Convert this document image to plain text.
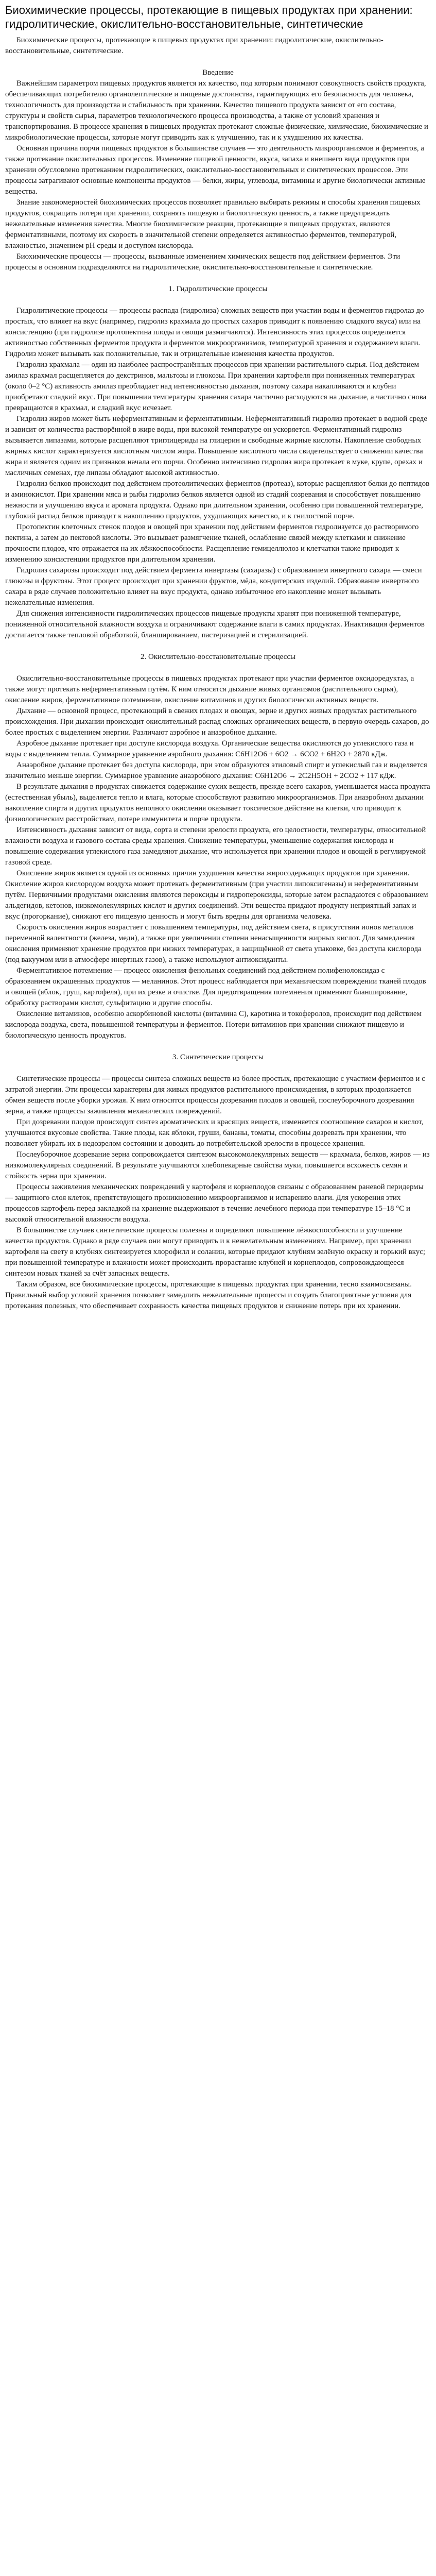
Биохимические процессы, протекающие в пищевых продуктах при хранении: гидролитические, окислительно-восстановительные, синтетические

Биохимические процессы, протекающие в пищевых продуктах при хранении: гидролитические, окислительно-восстановительные, синтетические.

Введение

Важнейшим параметром пищевых продуктов является их качество, под которым понимают совокупность свойств продукта, обеспечивающих потребителю органолептические и пищевые достоинства, гарантирующих его безопасность для человека, технологичность для производства и стабильность при хранении. Качество пищевого продукта зависит от его состава, структуры и свойств сырья, параметров технологического процесса производства, а также от условий хранения и транспортирования. В процессе хранения в пищевых продуктах протекают сложные физические, химические, биохимические и микробиологические процессы, которые могут приводить как к улучшению, так и к ухудшению их качества.

Основная причина порчи пищевых продуктов в большинстве случаев — это деятельность микроорганизмов и ферментов, а также протекание окислительных процессов. Изменение пищевой ценности, вкуса, запаха и внешнего вида продуктов при хранении обусловлено протеканием гидролитических, окислительно-восстановительных и синтетических процессов. Эти процессы затрагивают основные компоненты продуктов — белки, жиры, углеводы, витамины и другие биологически активные вещества.

Знание закономерностей биохимических процессов позволяет правильно выбирать режимы и способы хранения пищевых продуктов, сокращать потери при хранении, сохранять пищевую и биологическую ценность, а также предупреждать нежелательные изменения качества. Многие биохимические реакции, протекающие в пищевых продуктах, являются ферментативными, поэтому их скорость в значительной степени определяется активностью ферментов, температурой, влажностью, значением pH среды и доступом кислорода.

Биохимические процессы — процессы, вызванные изменением химических веществ под действием ферментов. Эти процессы в основном подразделяются на гидролитические, окислительно-восстановительные и синтетические.

1. Гидролитические процессы

Гидролитические процессы — процессы распада (гидролиза) сложных веществ при участии воды и ферментов гидролаз до простых, что влияет на вкус (например, гидролиз крахмала до простых сахаров приводит к появлению сладкого вкуса) или на консистенцию (при гидролизе протопектина плоды и овощи размягчаются). Интенсивность этих процессов определяется активностью собственных ферментов продукта и ферментов микроорганизмов, температурой хранения и содержанием влаги. Гидролиз может вызывать как положительные, так и отрицательные изменения качества продуктов.

Гидролиз крахмала — один из наиболее распространённых процессов при хранении растительного сырья. Под действием амилаз крахмал расщепляется до декстринов, мальтозы и глюкозы. При хранении картофеля при пониженных температурах (около 0–2 °С) активность амилаз преобладает над интенсивностью дыхания, поэтому сахара накапливаются и клубни приобретают сладкий вкус. При повышении температуры хранения сахара частично расходуются на дыхание, а частично снова превращаются в крахмал, и сладкий вкус исчезает.

Гидролиз жиров может быть неферментативным и ферментативным. Неферментативный гидролиз протекает в водной среде и зависит от количества растворённой в жире воды, при высокой температуре он ускоряется. Ферментативный гидролиз вызывается липазами, которые расщепляют триглицериды на глицерин и свободные жирные кислоты. Накопление свободных жирных кислот характеризуется кислотным числом жира. Повышение кислотного числа свидетельствует о снижении качества жира и является одним из признаков начала его порчи. Особенно интенсивно гидролиз жира протекает в муке, крупе, орехах и масличных семенах, где липазы обладают высокой активностью.

Гидролиз белков происходит под действием протеолитических ферментов (протеаз), которые расщепляют белки до пептидов и аминокислот. При хранении мяса и рыбы гидролиз белков является одной из стадий созревания и способствует повышению нежности и улучшению вкуса и аромата продукта. Однако при длительном хранении, особенно при повышенной температуре, глубокий распад белков приводит к накоплению продуктов, ухудшающих качество, и к гнилостной порче.

Протопектин клеточных стенок плодов и овощей при хранении под действием ферментов гидролизуется до растворимого пектина, а затем до пектовой кислоты. Это вызывает размягчение тканей, ослабление связей между клетками и снижение прочности плодов, что отражается на их лёжкоспособности. Расщепление гемицеллюлоз и клетчатки также приводит к изменению консистенции продуктов при длительном хранении.

Гидролиз сахарозы происходит под действием фермента инвертазы (сахаразы) с образованием инвертного сахара — смеси глюкозы и фруктозы. Этот процесс происходит при хранении фруктов, мёда, кондитерских изделий. Образование инвертного сахара в ряде случаев положительно влияет на вкус продукта, однако избыточное его накопление может вызывать нежелательные изменения.

Для снижения интенсивности гидролитических процессов пищевые продукты хранят при пониженной температуре, пониженной относительной влажности воздуха и ограничивают содержание влаги в самих продуктах. Инактивация ферментов достигается также тепловой обработкой, бланшированием, пастеризацией и стерилизацией.

2. Окислительно-восстановительные процессы

Окислительно-восстановительные процессы в пищевых продуктах протекают при участии ферментов оксидоредуктаз, а также могут протекать неферментативным путём. К ним относятся дыхание живых организмов (растительного сырья), окисление жиров, ферментативное потемнение, окисление витаминов и других биологически активных веществ.

Дыхание — основной процесс, протекающий в свежих плодах и овощах, зерне и других живых продуктах растительного происхождения. При дыхании происходит окислительный распад сложных органических веществ, в первую очередь сахаров, до более простых с выделением энергии. Различают аэробное и анаэробное дыхание.

Аэробное дыхание протекает при доступе кислорода воздуха. Органические вещества окисляются до углекислого газа и воды с выделением тепла. Суммарное уравнение аэробного дыхания: C6H12O6 + 6O2 → 6CO2 + 6H2O + 2870 кДж.

Анаэробное дыхание протекает без доступа кислорода, при этом образуются этиловый спирт и углекислый газ и выделяется значительно меньше энергии. Суммарное уравнение анаэробного дыхания: C6H12O6 → 2C2H5OH + 2CO2 + 117 кДж.

В результате дыхания в продуктах снижается содержание сухих веществ, прежде всего сахаров, уменьшается масса продукта (естественная убыль), выделяется тепло и влага, которые способствуют развитию микроорганизмов. При анаэробном дыхании накопление спирта и других продуктов неполного окисления оказывает токсическое действие на клетки, что приводит к физиологическим расстройствам, потере иммунитета и порче продукта.

Интенсивность дыхания зависит от вида, сорта и степени зрелости продукта, его целостности, температуры, относительной влажности воздуха и газового состава среды хранения. Снижение температуры, уменьшение содержания кислорода и повышение содержания углекислого газа замедляют дыхание, что используется при хранении плодов и овощей в регулируемой газовой среде.

Окисление жиров является одной из основных причин ухудшения качества жиросодержащих продуктов при хранении. Окисление жиров кислородом воздуха может протекать ферментативным (при участии липоксигеназы) и неферментативным путём. Первичными продуктами окисления являются пероксиды и гидропероксиды, которые затем распадаются с образованием альдегидов, кетонов, низкомолекулярных кислот и других соединений. Эти вещества придают продукту неприятный запах и вкус (прогоркание), снижают его пищевую ценность и могут быть вредны для организма человека.

Скорость окисления жиров возрастает с повышением температуры, под действием света, в присутствии ионов металлов переменной валентности (железа, меди), а также при увеличении степени ненасыщенности жирных кислот. Для замедления окисления применяют хранение продуктов при низких температурах, в защищённой от света упаковке, без доступа кислорода (под вакуумом или в атмосфере инертных газов), а также используют антиоксиданты.

Ферментативное потемнение — процесс окисления фенольных соединений под действием полифенолоксидаз с образованием окрашенных продуктов — меланинов. Этот процесс наблюдается при механическом повреждении тканей плодов и овощей (яблок, груш, картофеля), при их резке и очистке. Для предотвращения потемнения применяют бланширование, обработку растворами кислот, сульфитацию и другие способы.

Окисление витаминов, особенно аскорбиновой кислоты (витамина C), каротина и токоферолов, происходит под действием кислорода воздуха, света, повышенной температуры и ферментов. Потери витаминов при хранении снижают пищевую и биологическую ценность продуктов.

3. Синтетические процессы

Синтетические процессы — процессы синтеза сложных веществ из более простых, протекающие с участием ферментов и с затратой энергии. Эти процессы характерны для живых продуктов растительного происхождения, в которых продолжается обмен веществ после уборки урожая. К ним относятся процессы дозревания плодов и овощей, послеуборочного дозревания зерна, а также процессы заживления механических повреждений.

При дозревании плодов происходит синтез ароматических и красящих веществ, изменяется соотношение сахаров и кислот, улучшаются вкусовые свойства. Такие плоды, как яблоки, груши, бананы, томаты, способны дозревать при хранении, что позволяет убирать их в недозрелом состоянии и доводить до потребительской зрелости в процессе хранения.

Послеуборочное дозревание зерна сопровождается синтезом высокомолекулярных веществ — крахмала, белков, жиров — из низкомолекулярных соединений. В результате улучшаются хлебопекарные свойства муки, повышается всхожесть семян и стойкость зерна при хранении.

Процессы заживления механических повреждений у картофеля и корнеплодов связаны с образованием раневой перидермы — защитного слоя клеток, препятствующего проникновению микроорганизмов и испарению влаги. Для ускорения этих процессов картофель перед закладкой на хранение выдерживают в течение лечебного периода при температуре 15–18 °С и высокой относительной влажности воздуха.

В большинстве случаев синтетические процессы полезны и определяют повышение лёжкоспособности и улучшение качества продуктов. Однако в ряде случаев они могут приводить и к нежелательным изменениям. Например, при хранении картофеля на свету в клубнях синтезируется хлорофилл и соланин, которые придают клубням зелёную окраску и горький вкус; при повышенной температуре и влажности может происходить прорастание клубней и корнеплодов, сопровождающееся синтезом новых тканей за счёт запасных веществ.

Таким образом, все биохимические процессы, протекающие в пищевых продуктах при хранении, тесно взаимосвязаны. Правильный выбор условий хранения позволяет замедлить нежелательные процессы и создать благоприятные условия для протекания полезных, что обеспечивает сохранность качества пищевых продуктов и снижение потерь при их хранении.
